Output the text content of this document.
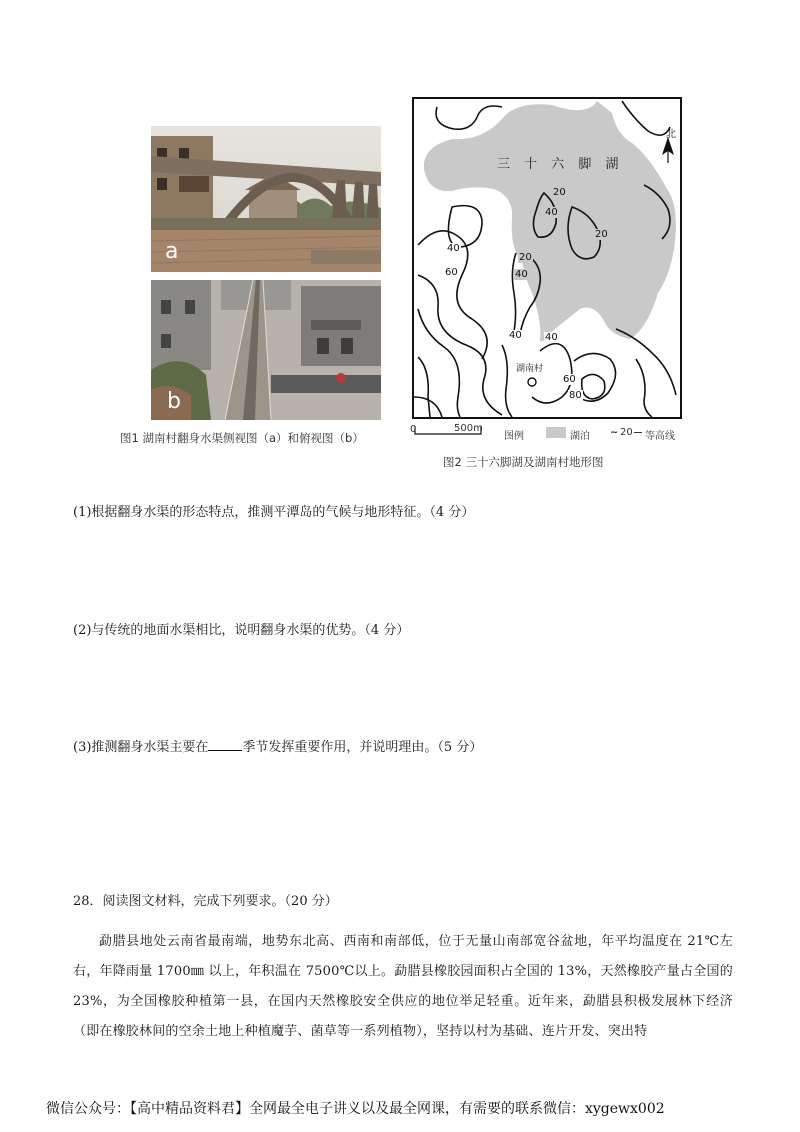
a
b
图1 湖南村翻身水渠侧视图（a）和俯视图（b）
三 十 六 脚 湖
湖南村
北
20
40
20
40
60
20
40
40 40
60
80
0	500m
图例	湖泊 ~ 20 等高线
图2 三十六脚湖及湖南村地形图
(1)根据翻身水渠的形态特点，推测平潭岛的气候与地形特征。（4 分）
(2)与传统的地面水渠相比，说明翻身水渠的优势。（4 分）
(3)推测翻身水渠主要在	季节发挥重要作用，并说明理由。（5 分）
28．阅读图文材料，完成下列要求。（20 分）
勐腊县地处云南省最南端，地势东北高、西南和南部低，位于无量山南部宽谷盆地，年平均温度在 21℃左右，年降雨量 1700㎜ 以上，年积温在 7500℃以上。勐腊县橡胶园面积占全国的 13%，天然橡胶产量占全国的 23%，为全国橡胶种植第一县，在国内天然橡胶安全供应的地位举足轻重。近年来，勐腊县积极发展林下经济（即在橡胶林间的空余土地上种植魔芋、菌草等一系列植物），坚持以村为基础、连片开发、突出特
微信公众号：【高中精品资料君】全网最全电子讲义以及最全网课，有需要的联系微信：xygewx002
